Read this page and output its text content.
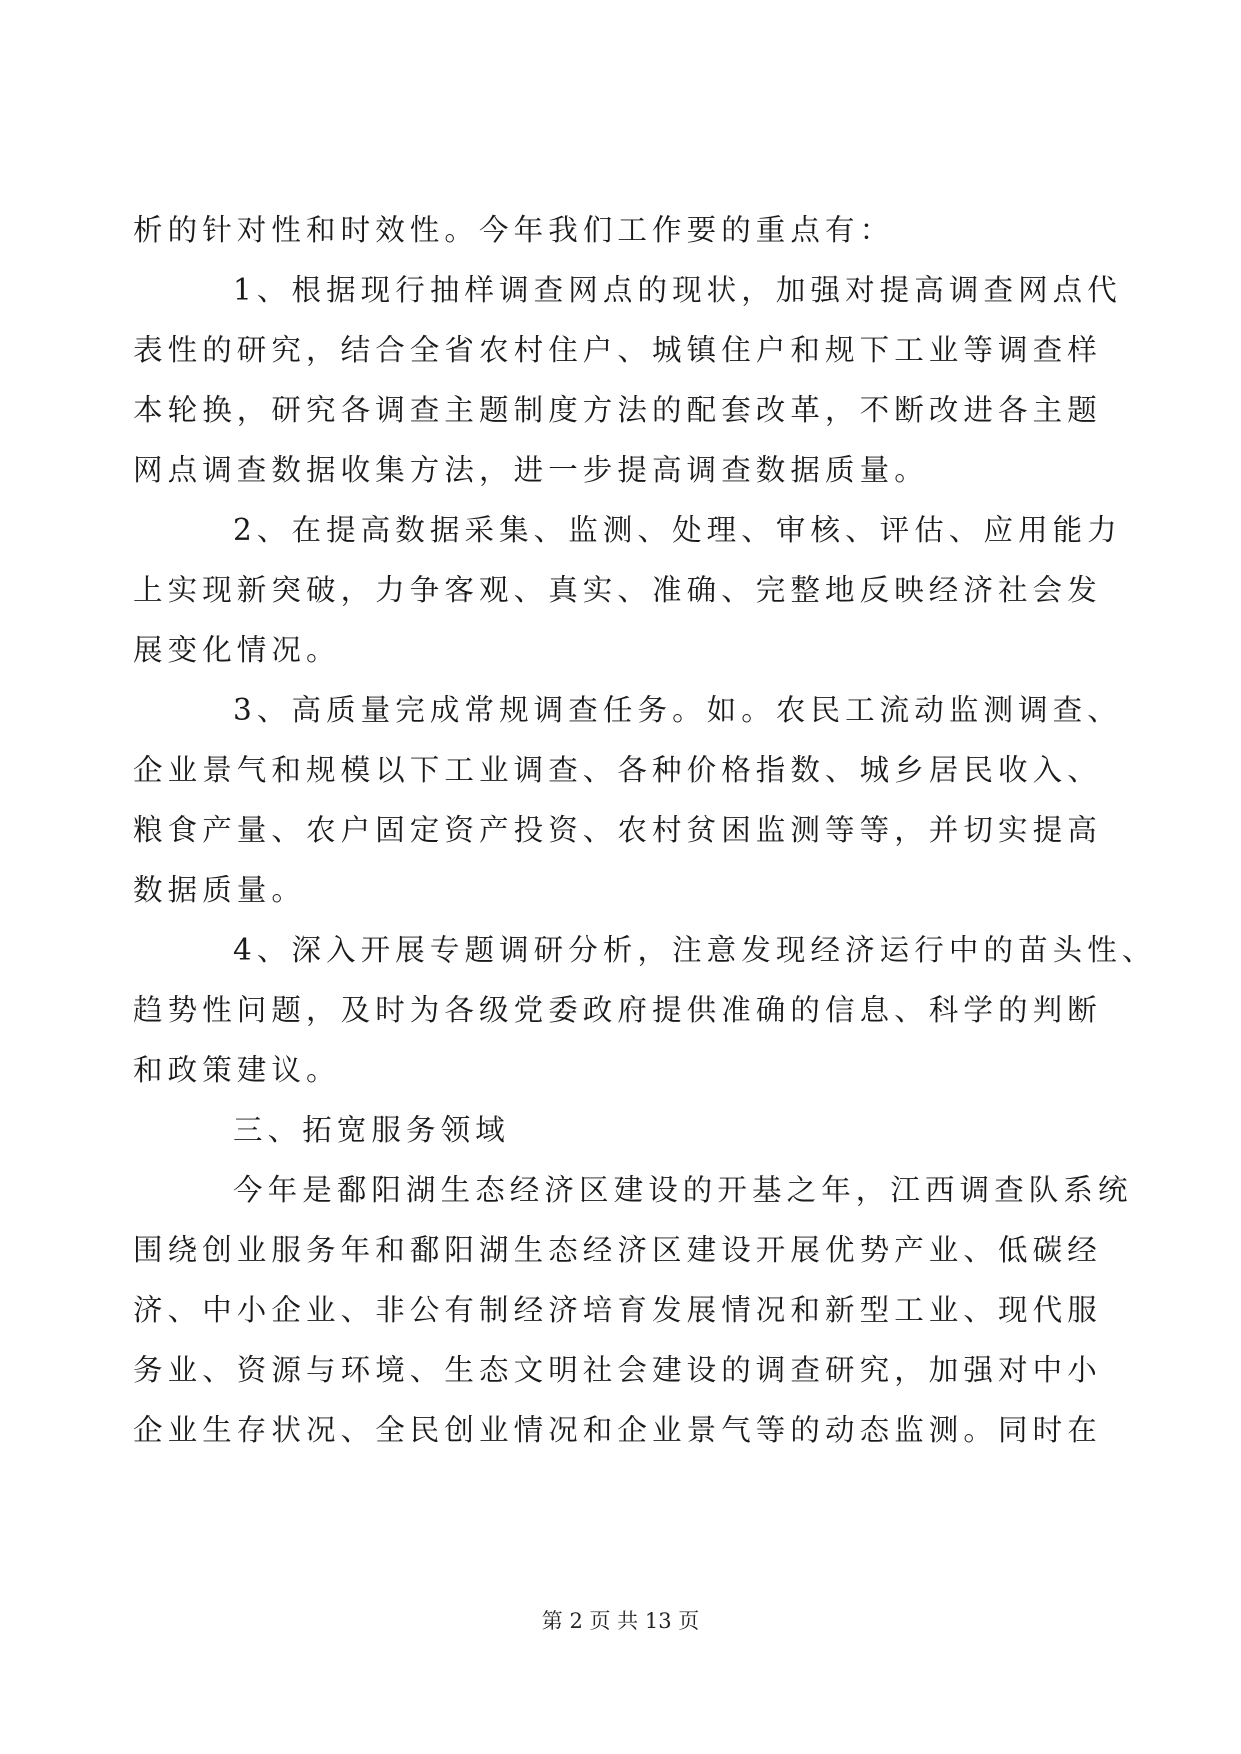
析的针对性和时效性。今年我们工作要的重点有：
1、根据现行抽样调查网点的现状，加强对提高调查网点代
表性的研究，结合全省农村住户、城镇住户和规下工业等调查样
本轮换，研究各调查主题制度方法的配套改革，不断改进各主题
网点调查数据收集方法，进一步提高调查数据质量。
2、在提高数据采集、监测、处理、审核、评估、应用能力
上实现新突破，力争客观、真实、准确、完整地反映经济社会发
展变化情况。
3、高质量完成常规调查任务。如。农民工流动监测调查、
企业景气和规模以下工业调查、各种价格指数、城乡居民收入、
粮食产量、农户固定资产投资、农村贫困监测等等，并切实提高
数据质量。
4、深入开展专题调研分析，注意发现经济运行中的苗头性、
趋势性问题，及时为各级党委政府提供准确的信息、科学的判断
和政策建议。
三、拓宽服务领域
今年是鄱阳湖生态经济区建设的开基之年，江西调查队系统
围绕创业服务年和鄱阳湖生态经济区建设开展优势产业、低碳经
济、中小企业、非公有制经济培育发展情况和新型工业、现代服
务业、资源与环境、生态文明社会建设的调查研究，加强对中小
企业生存状况、全民创业情况和企业景气等的动态监测。同时在
第 2 页 共 13 页
